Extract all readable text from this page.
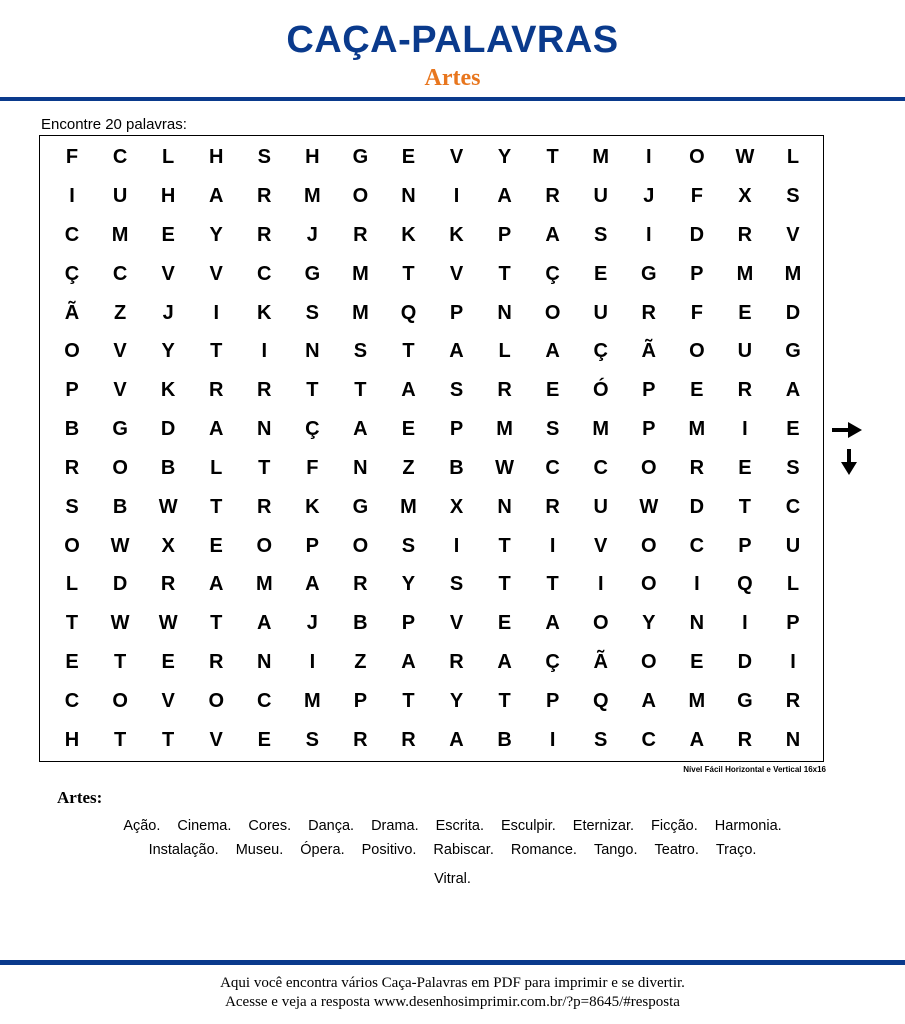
CAÇA-PALAVRAS
Artes
Encontre 20 palavras:
F	C	L	H	S	H	G	E	V	Y	T	M	I	O	W	L
I	U	H	A	R	M	O	N	I	A	R	U	J	F	X	S
C	M	E	Y	R	J	R	K	K	P	A	S	I	D	R	V
Ç	C	V	V	C	G	M	T	V	T	Ç	E	G	P	M	M
Ã	Z	J	I	K	S	M	Q	P	N	O	U	R	F	E	D
O	V	Y	T	I	N	S	T	A	L	A	Ç	Ã	O	U	G
P	V	K	R	R	T	T	A	S	R	E	Ó	P	E	R	A
B	G	D	A	N	Ç	A	E	P	M	S	M	P	M	I	E
R	O	B	L	T	F	N	Z	B	W	C	C	O	R	E	S
S	B	W	T	R	K	G	M	X	N	R	U	W	D	T	C
O	W	X	E	O	P	O	S	I	T	I	V	O	C	P	U
L	D	R	A	M	A	R	Y	S	T	T	I	O	I	Q	L
T	W	W	T	A	J	B	P	V	E	A	O	Y	N	I	P
E	T	E	R	N	I	Z	A	R	A	Ç	Ã	O	E	D	I
C	O	V	O	C	M	P	T	Y	T	P	Q	A	M	G	R
H	T	T	V	E	S	R	R	A	B	I	S	C	A	R	N
Nível Fácil Horizontal e Vertical 16x16
Artes:
Ação. Cinema. Cores. Dança. Drama. Escrita. Esculpir. Eternizar. Ficção. Harmonia.
Instalação. Museu. Ópera. Positivo. Rabiscar. Romance. Tango. Teatro. Traço.
Vitral.
Aqui você encontra vários Caça-Palavras em PDF para imprimir e se divertir.
Acesse e veja a resposta www.desenhosimprimir.com.br/?p=8645/#resposta
